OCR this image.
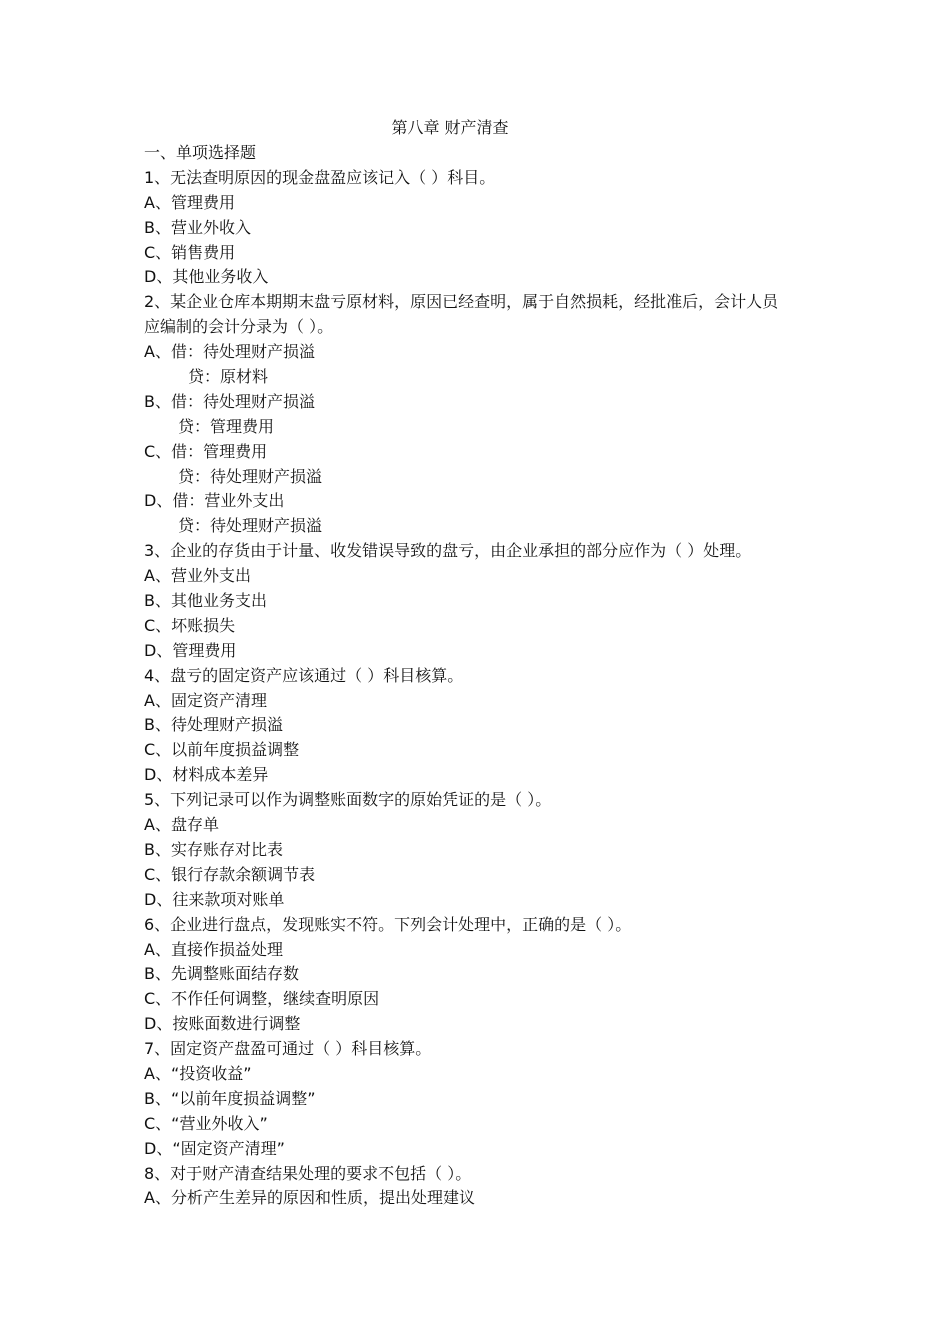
第八章 财产清查
一、单项选择题
1、无法查明原因的现金盘盈应该记入（ ）科目。
A、管理费用
B、营业外收入
C、销售费用
D、其他业务收入
2、某企业仓库本期期末盘亏原材料，原因已经查明，属于自然损耗，经批准后，会计人员
应编制的会计分录为（ ）。
A、借：待处理财产损溢
贷：原材料
B、借：待处理财产损溢
贷：管理费用
C、借：管理费用
贷：待处理财产损溢
D、借：营业外支出
贷：待处理财产损溢
3、企业的存货由于计量、收发错误导致的盘亏，由企业承担的部分应作为（ ）处理。
A、营业外支出
B、其他业务支出
C、坏账损失
D、管理费用
4、盘亏的固定资产应该通过（ ）科目核算。
A、固定资产清理
B、待处理财产损溢
C、以前年度损益调整
D、材料成本差异
5、下列记录可以作为调整账面数字的原始凭证的是（ ）。
A、盘存单
B、实存账存对比表
C、银行存款余额调节表
D、往来款项对账单
6、企业进行盘点，发现账实不符。下列会计处理中，正确的是（ ）。
A、直接作损益处理
B、先调整账面结存数
C、不作任何调整，继续查明原因
D、按账面数进行调整
7、固定资产盘盈可通过（ ）科目核算。
A、“投资收益”
B、“以前年度损益调整”
C、“营业外收入”
D、“固定资产清理”
8、对于财产清查结果处理的要求不包括（ ）。
A、分析产生差异的原因和性质，提出处理建议
